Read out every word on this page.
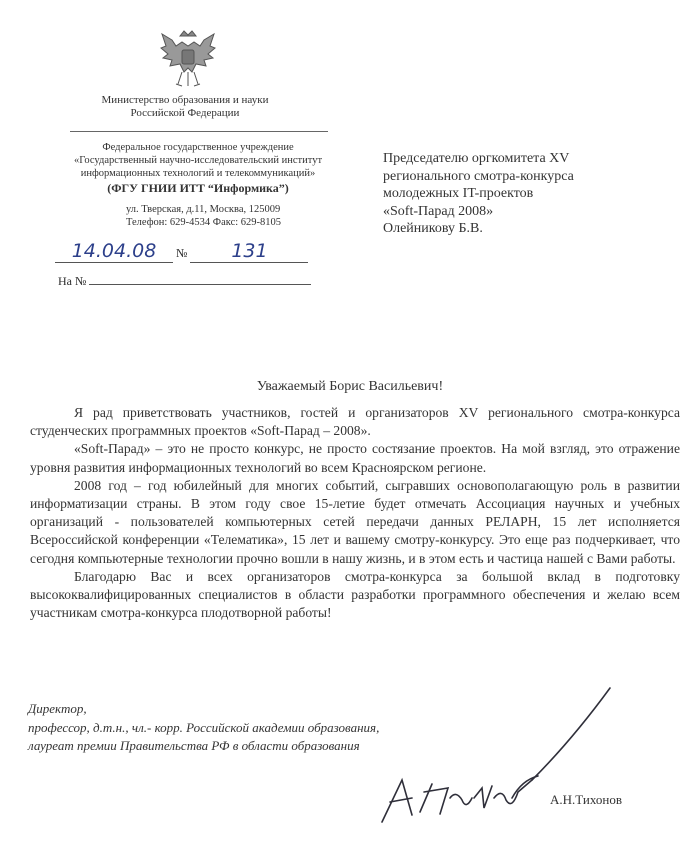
Министерство образования и науки
Российской Федерации
Федеральное государственное учреждение
«Государственный научно-исследовательский институт
информационных технологий и телекоммуникаций»
(ФГУ ГНИИ ИТТ “Информика”)
ул. Тверская, д.11, Москва, 125009
Телефон: 629-4534 Факс: 629-8105
14.04.08 № 131
На №
Председателю оргкомитета XV
регионального смотра-конкурса
молодежных IT-проектов
«Soft-Парад 2008»
Олейникову Б.В.
Уважаемый Борис Васильевич!

Я рад приветствовать участников, гостей и организаторов XV регионального смотра-конкурса студенческих программных проектов «Soft-Парад – 2008».

«Soft-Парад» – это не просто конкурс, не просто состязание проектов. На мой взгляд, это отражение уровня развития информационных технологий во всем Красноярском регионе.

2008 год – год юбилейный для многих событий, сыгравших основополагающую роль в развитии информатизации страны. В этом году свое 15-летие будет отмечать Ассоциация научных и учебных организаций - пользователей компьютерных сетей передачи данных РЕЛАРН, 15 лет исполняется Всероссийской конференции «Телематика», 15 лет и вашему смотру-конкурсу. Это еще раз подчеркивает, что сегодня компьютерные технологии прочно вошли в нашу жизнь, и в этом есть и частица нашей с Вами работы.

Благодарю Вас и всех организаторов смотра-конкурса за большой вклад в подготовку высококвалифицированных специалистов в области разработки программного обеспечения и желаю всем участникам смотра-конкурса плодотворной работы!

Директор,
профессор, д.т.н., чл.- корр. Российской академии образования,
лауреат премии Правительства РФ в области образования
А.Н.Тихонов
